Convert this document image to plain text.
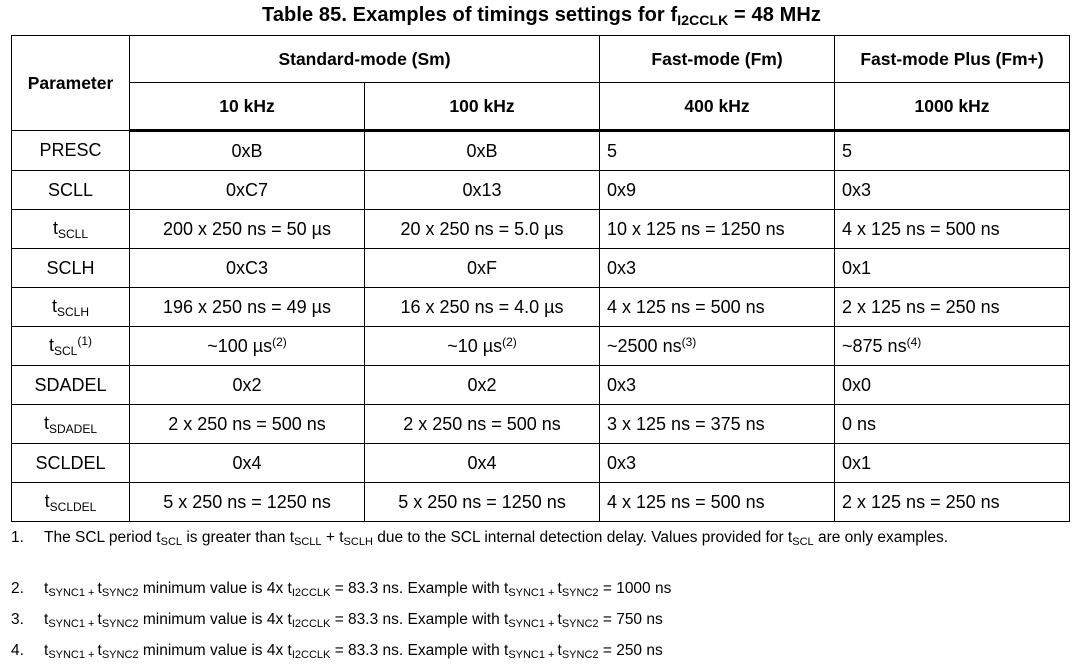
Table 85. Examples of timings settings for $f_{I2CCLK} = 48$ MHz
Parameter	Standard-mode (Sm)		Fast-mode (Fm)	Fast-mode Plus (Fm+)
	10 kHz	100 kHz	400 kHz	1000 kHz
PRESC	0xB	0xB	5	5
SCLL	0xC7	0x13	0x9	0x3
$t_{SCLL}$	200 x 250 ns = 50 µs	20 x 250 ns = 5.0 µs	10 x 125 ns = 1250 ns	4 x 125 ns = 500 ns
SCLH	0xC3	0xF	0x3	0x1
$t_{SCLH}$	196 x 250 ns = 49 µs	16 x 250 ns = 4.0 µs	4 x 125 ns = 500 ns	2 x 125 ns = 250 ns
$t_{SCL}^{(1)}$	~100 µs$^{(2)}$	~10 µs$^{(2)}$	~2500 $ns^{(3)}$	~875 $ns^{(4)}$
SDADEL	0x2	0x2	0x3	0x0
$t_{SDADEL}$	2 x 250 ns = 500 ns	2 x 250 ns = 500 ns	3 x 125 ns = 375 ns	0 ns
SCLDEL	0x4	0x4	0x3	0x1
$t_{SCLDEL}$	5 x 250 ns = 1250 ns	5 x 250 ns = 1250 ns	4 x 125 ns = 500 ns	2 x 125 ns = 250 ns
1. The SCL period $t_{SCL}$ is greater than $t_{SCLL} + t_{SCLH}$ due to the SCL internal detection delay. Values provided for $t_{SCL}$ are only examples.
2. $t_{SYNC1 +}$ $t_{SYNC2}$ minimum value is 4x $t_{I2CCLK} = 83.3$ ns. Example with $t_{SYNC1 +}$ $t_{SYNC2} = 1000$ ns
3. $t_{SYNC1 +}$ $t_{SYNC2}$ minimum value is 4x $t_{I2CCLK} = 83.3$ ns. Example with $t_{SYNC1 +}$ $t_{SYNC2} = 750$ ns
4. $t_{SYNC1 +}$ $t_{SYNC2}$ minimum value is 4x $t_{I2CCLK} = 83.3$ ns. Example with $t_{SYNC1 +}$ $t_{SYNC2} = 250$ ns
